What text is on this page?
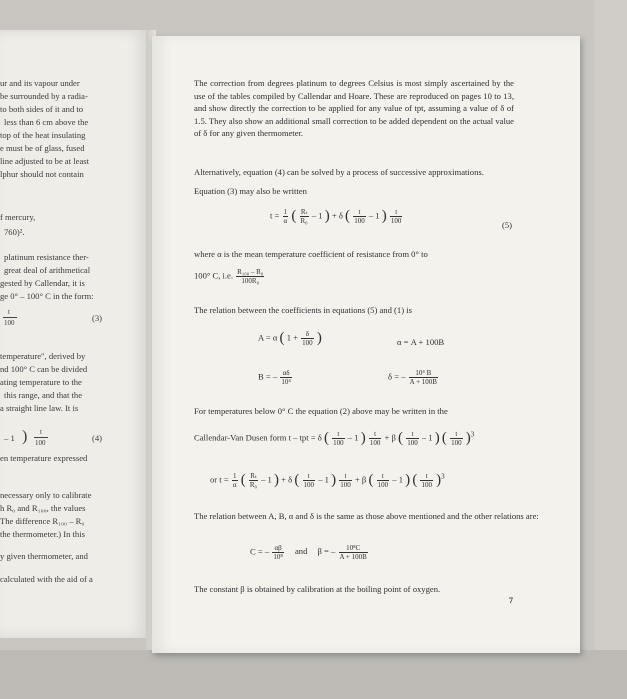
ur and its vapour under
be surrounded by a radia-
to both sides of it and to
less than 6 cm above the
top of the heat insulating
e must be of glass, fused
line adjusted to be at least
lphur should not contain
f mercury,
760)².
platinum resistance ther-
great deal of arithmetical
gested by Callendar, it is
ge 0° – 100° C in the form:
t
100	(3)
temperature", derived by
nd 100° C can be divided
ating temperature to the
this range, and that the
a straight line law. It is
– 1 ) t
100	(4)
en temperature expressed
necessary only to calibrate
h R₀ and R₁₀₀, the values
The difference R₁₀₀ – R₀
the thermometer.) In this
y given thermometer, and
calculated with the aid of a
The correction from degrees platinum to degrees Celsius is most simply ascertained by the use of the tables compiled by Callendar and Hoare. These are reproduced on pages 10 to 13, and show directly the correction to be applied for any value of tpt, assuming a value of δ of 1.5. They also show an additional small correction to be added dependent on the actual value of δ for any given thermometer.
Alternatively, equation (4) can be solved by a process of successive approximations.
Equation (3) may also be written
$t = \frac{1}{\alpha}$ ( $\frac{\text{Rₜ}}{\text{R₀}} - 1$ ) + δ ( $\frac{t}{100} - 1$ ) $\frac{t}{100}$	(5)
where α is the mean temperature coefficient of resistance from 0° to
100° C, i.e. $\frac{\text{R₁₀₀ – R₀}}{\text{100R₀}}$
The relation between the coefficients in equations (5) and (1) is
A = α ( $1 + \frac{\delta}{100}$ )	α = A + 100B
B = – $\frac{\alpha\delta}{\text{10⁴}}$	δ = – $\frac{\text{10⁴ B}}{A + 100B}$
For temperatures below 0° C the equation (2) above may be written in the
Callendar-Van Dusen form t – tpt = δ ( $\frac{t}{100} - 1$ ) $\frac{t}{100} + \beta$ ( $\frac{t}{100} - 1$ ) ( $\frac{t}{100} )^3$
or $t = \frac{1}{\alpha}$ ( $\frac{\text{Rₜ}}{\text{R₀}} - 1$ ) + δ ( $\frac{t}{100} - 1$ ) $\frac{t}{100} + \beta$ ( $\frac{t}{100} - 1$ ) ( $\frac{t}{100} )^3$
The relation between A, B, α and δ is the same as those above mentioned and the other relations are:
C = – $\frac{\alpha\beta}{\text{10⁸}}$ and β = – $\frac{\text{10⁸C}}{A + 100B}$
The constant β is obtained by calibration at the boiling point of oxygen.
7
